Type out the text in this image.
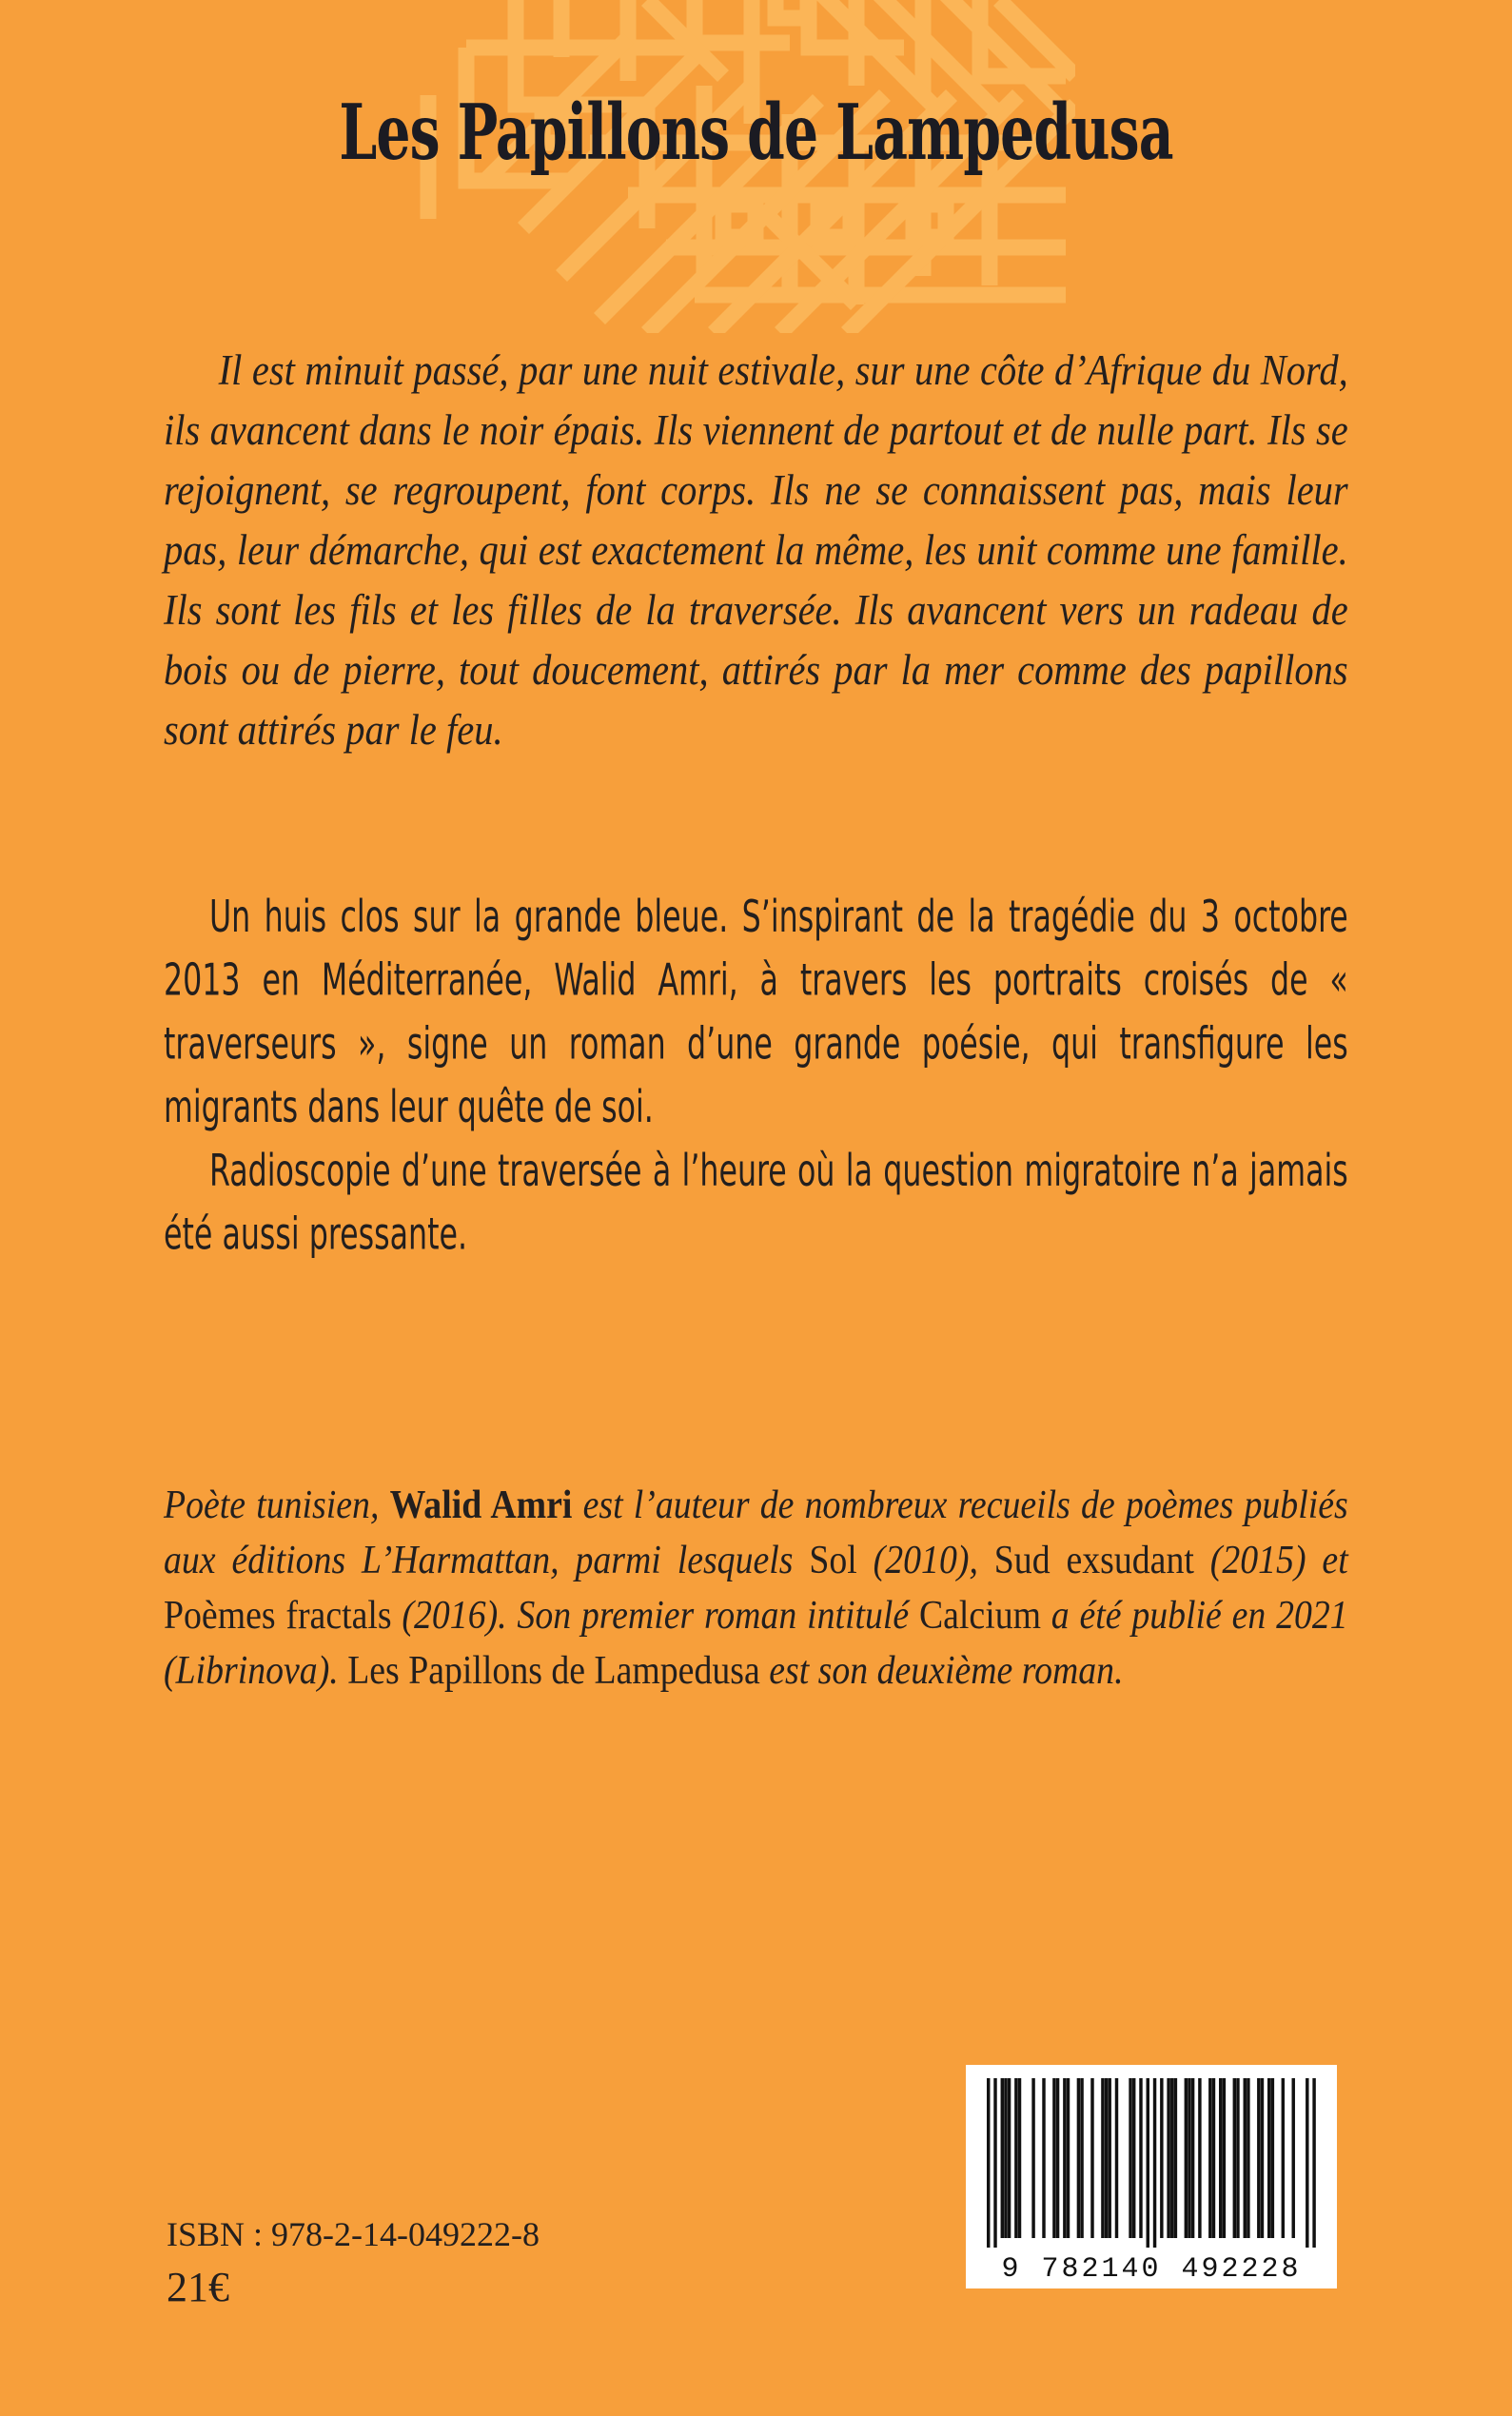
Les Papillons de Lampedusa

Il est minuit passé, par une nuit estivale, sur une côte d’Afrique du Nord, ils avancent dans le noir épais. Ils viennent de partout et de nulle part. Ils se rejoignent, se regroupent, font corps. Ils ne se connaissent pas, mais leur pas, leur démarche, qui est exactement la même, les unit comme une famille. Ils sont les fils et les filles de la traversée. Ils avancent vers un radeau de bois ou de pierre, tout doucement, attirés par la mer comme des papillons sont attirés par le feu.

Un huis clos sur la grande bleue. S’inspirant de la tragédie du 3 octobre 2013 en Méditerranée, Walid Amri, à travers les portraits croisés de « traverseurs », signe un roman d’une grande poésie, qui transfigure les migrants dans leur quête de soi.

Radioscopie d’une traversée à l’heure où la question migratoire n’a jamais été aussi pressante.

Poète tunisien, Walid Amri est l’auteur de nombreux recueils de poèmes publiés aux éditions L’Harmattan, parmi lesquels Sol (2010), Sud exsudant (2015) et Poèmes fractals (2016). Son premier roman intitulé Calcium a été publié en 2021 (Librinova). Les Papillons de Lampedusa est son deuxième roman.

ISBN : 978-2-14-049222-8
21€	9 782140 492228
